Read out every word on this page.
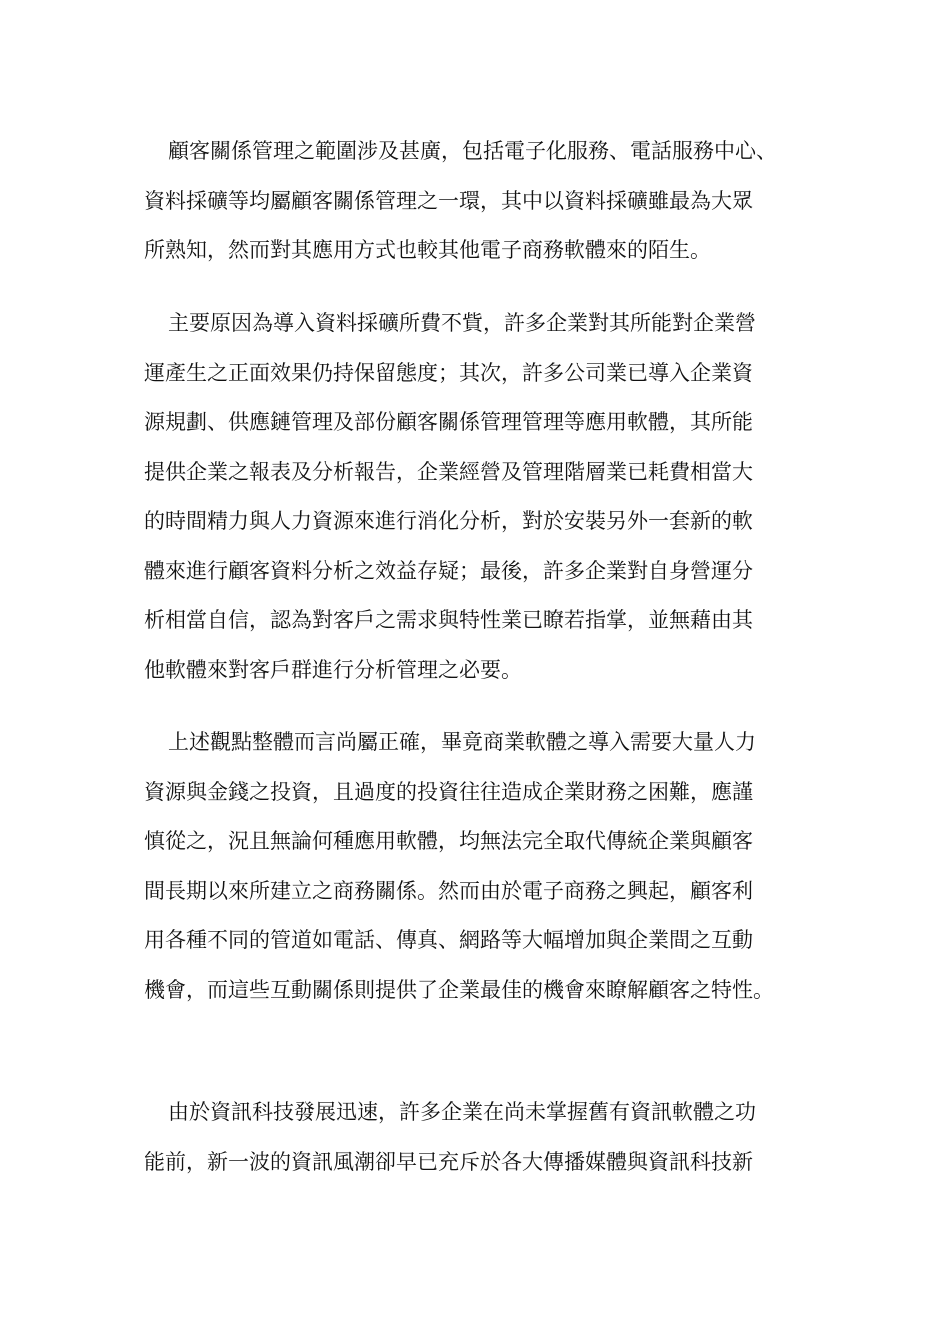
顧客關係管理之範圍涉及甚廣，包括電子化服務、電話服務中心、
資料採礦等均屬顧客關係管理之一環，其中以資料採礦雖最為大眾
所熟知，然而對其應用方式也較其他電子商務軟體來的陌生。

主要原因為導入資料採礦所費不貲，許多企業對其所能對企業營
運產生之正面效果仍持保留態度；其次，許多公司業已導入企業資
源規劃、供應鏈管理及部份顧客關係管理管理等應用軟體，其所能
提供企業之報表及分析報告，企業經營及管理階層業已耗費相當大
的時間精力與人力資源來進行消化分析，對於安裝另外一套新的軟
體來進行顧客資料分析之效益存疑；最後，許多企業對自身營運分
析相當自信，認為對客戶之需求與特性業已瞭若指掌，並無藉由其
他軟體來對客戶群進行分析管理之必要。

上述觀點整體而言尚屬正確，畢竟商業軟體之導入需要大量人力
資源與金錢之投資，且過度的投資往往造成企業財務之困難，應謹
慎從之，況且無論何種應用軟體，均無法完全取代傳統企業與顧客
間長期以來所建立之商務關係。然而由於電子商務之興起，顧客利
用各種不同的管道如電話、傳真、網路等大幅增加與企業間之互動
機會，而這些互動關係則提供了企業最佳的機會來瞭解顧客之特性。

由於資訊科技發展迅速，許多企業在尚未掌握舊有資訊軟體之功
能前，新一波的資訊風潮卻早已充斥於各大傳播媒體與資訊科技新
